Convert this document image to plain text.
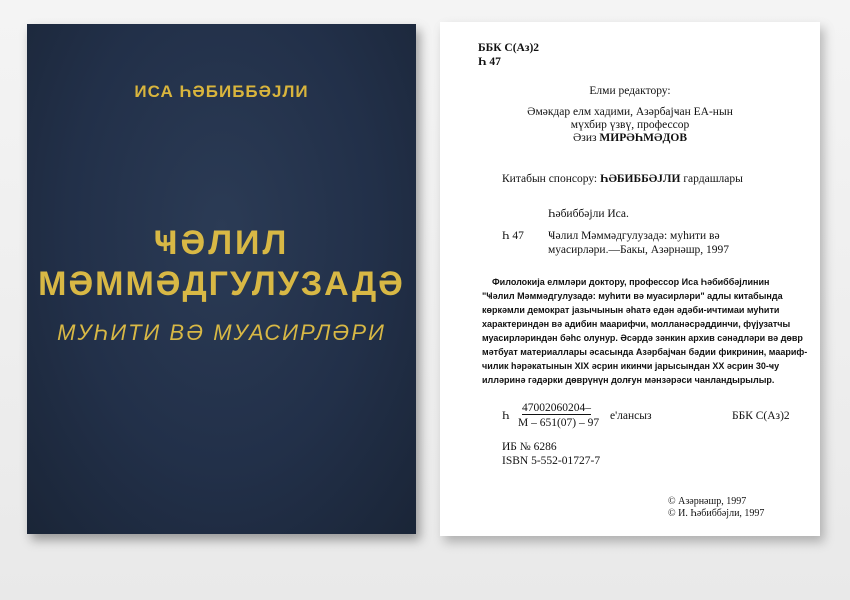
ИСА ҺӘБИББӘЈЛИ
ҸӘЛИЛ
МӘММӘДГУЛУЗАДӘ
МУҺИТИ ВӘ МУАСИРЛӘРИ
ББК С(Аз)2
Һ 47
Елми редактору:
Әмәкдар елм хадими, Азәрбајҹан ЕА-нын
мүхбир үзвү, профессор
Әзиз МИРӘҺМӘДОВ
Китабын спонсору: ҺӘБИББӘЈЛИ гардашлары
Һәбиббәјли Иса.
Һ 47 Ҹәлил Мәммәдгулузадә: муһити вә
муасирләри.—Бакы, Азәрнәшр, 1997
Филолокија елмләри доктору, профессор Иса Һәбиббәјлинин
"Ҹәлил Мәммәдгулузадә: муһити вә муасирләри" адлы китабында
көркәмли демократ јазычынын әһатә едән әдәби-ичтимаи муһити
характериндән вә адибин маарифчи, молланәсрәддинчи, фүјузатчы
муасирләриндән бәһс олунур. Әсәрдә зәнкин архив сәнәдләри вә дөвр
мәтбуат материаллары әсасында Азәрбајҹан бәдии фикринин, маариф-
чилик һәрәкатынын XIX әсрин икинҹи јарысындан XX әсрин 30-ҹу
илләринә гәдәрки дөврүнүн долғун мәнзәрәси чанландырылыр.
Һ
47002060204–
М – 651(07) – 97
е'лансыз	ББК С(Аз)2
ИБ № 6286
ISBN 5-552-01727-7
© Азәрнәшр, 1997
© И. Һәбиббәјли, 1997
